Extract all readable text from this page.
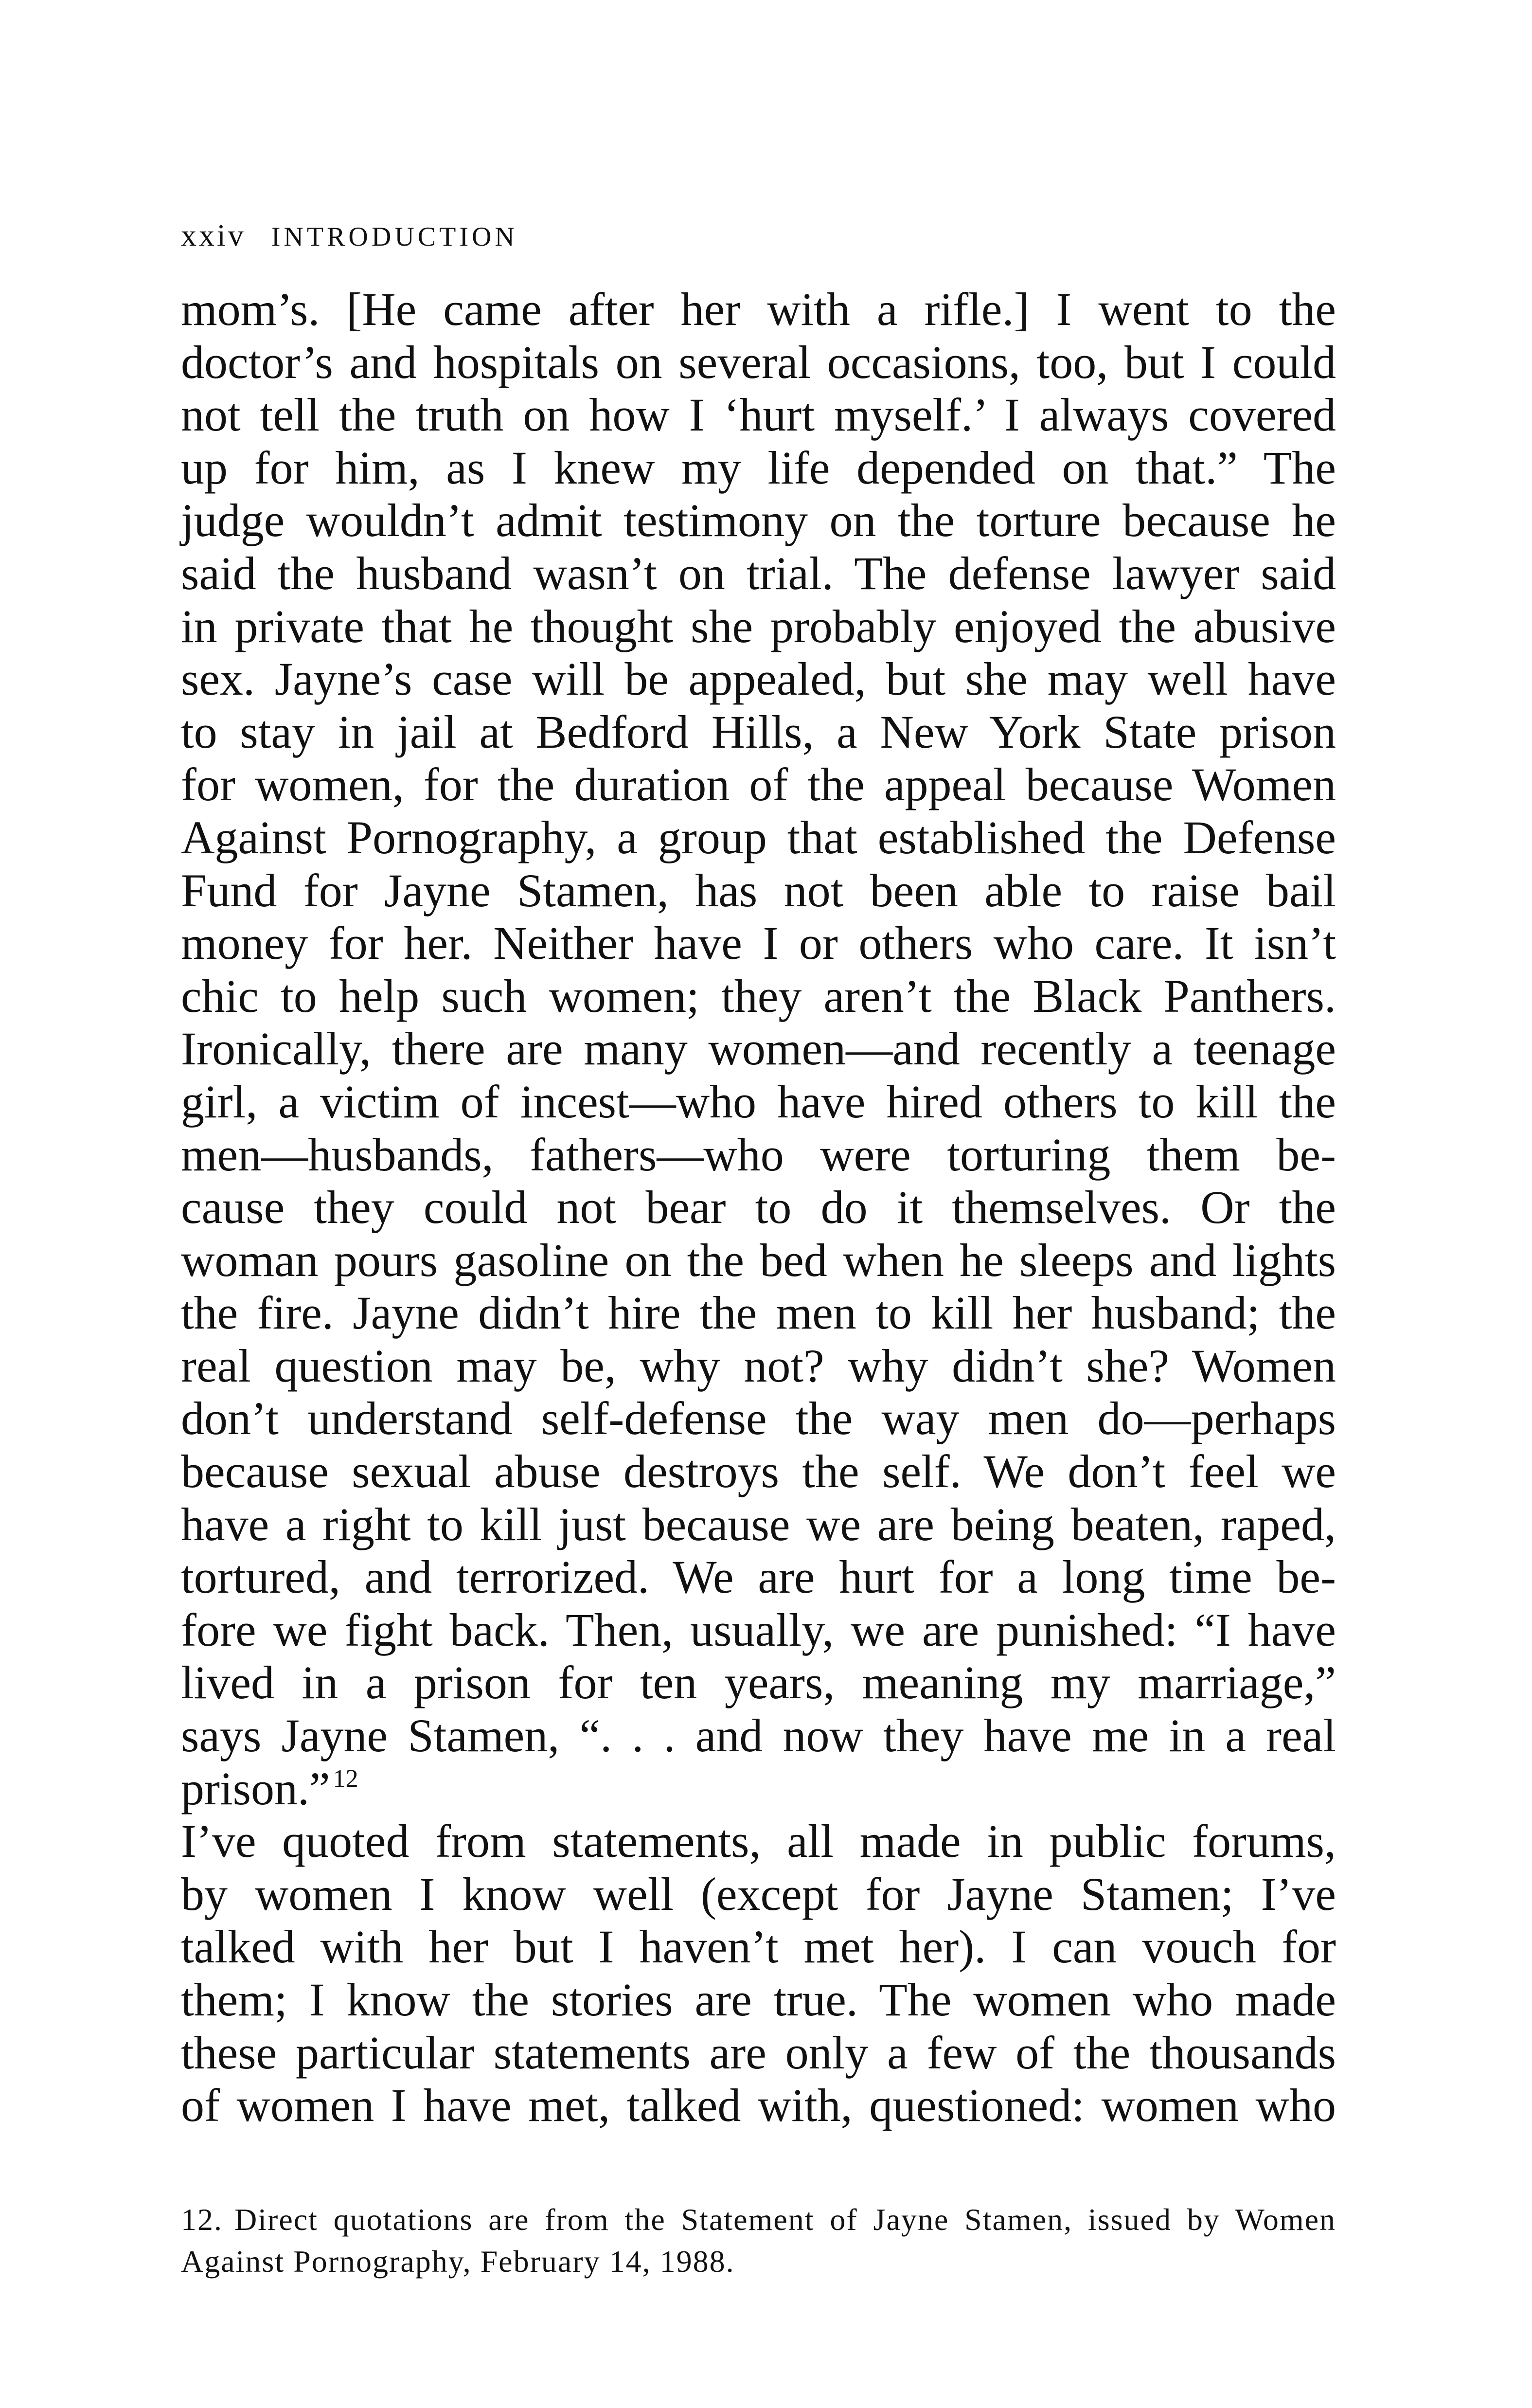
xxiv INTRODUCTION
mom’s. [He came after her with a rifle.] I went to the
doctor’s and hospitals on several occasions, too, but I could
not tell the truth on how I ‘hurt myself.’ I always covered
up for him, as I knew my life depended on that.” The
judge wouldn’t admit testimony on the torture because he
said the husband wasn’t on trial. The defense lawyer said
in private that he thought she probably enjoyed the abusive
sex. Jayne’s case will be appealed, but she may well have
to stay in jail at Bedford Hills, a New York State prison
for women, for the duration of the appeal because Women
Against Pornography, a group that established the Defense
Fund for Jayne Stamen, has not been able to raise bail
money for her. Neither have I or others who care. It isn’t
chic to help such women; they aren’t the Black Panthers.
Ironically, there are many women—and recently a teenage
girl, a victim of incest—who have hired others to kill the
men—husbands, fathers—who were torturing them be-
cause they could not bear to do it themselves. Or the
woman pours gasoline on the bed when he sleeps and lights
the fire. Jayne didn’t hire the men to kill her husband; the
real question may be, why not? why didn’t she? Women
don’t understand self-defense the way men do—perhaps
because sexual abuse destroys the self. We don’t feel we
have a right to kill just because we are being beaten, raped,
tortured, and terrorized. We are hurt for a long time be-
fore we fight back. Then, usually, we are punished: “I have
lived in a prison for ten years, meaning my marriage,”
says Jayne Stamen, “. . . and now they have me in a real
prison.” $^{12}$
I’ve quoted from statements, all made in public forums,
by women I know well (except for Jayne Stamen; I’ve
talked with her but I haven’t met her). I can vouch for
them; I know the stories are true. The women who made
these particular statements are only a few of the thousands
of women I have met, talked with, questioned: women who
12. Direct quotations are from the Statement of Jayne Stamen, issued by Women
Against Pornography, February 14, 1988.
